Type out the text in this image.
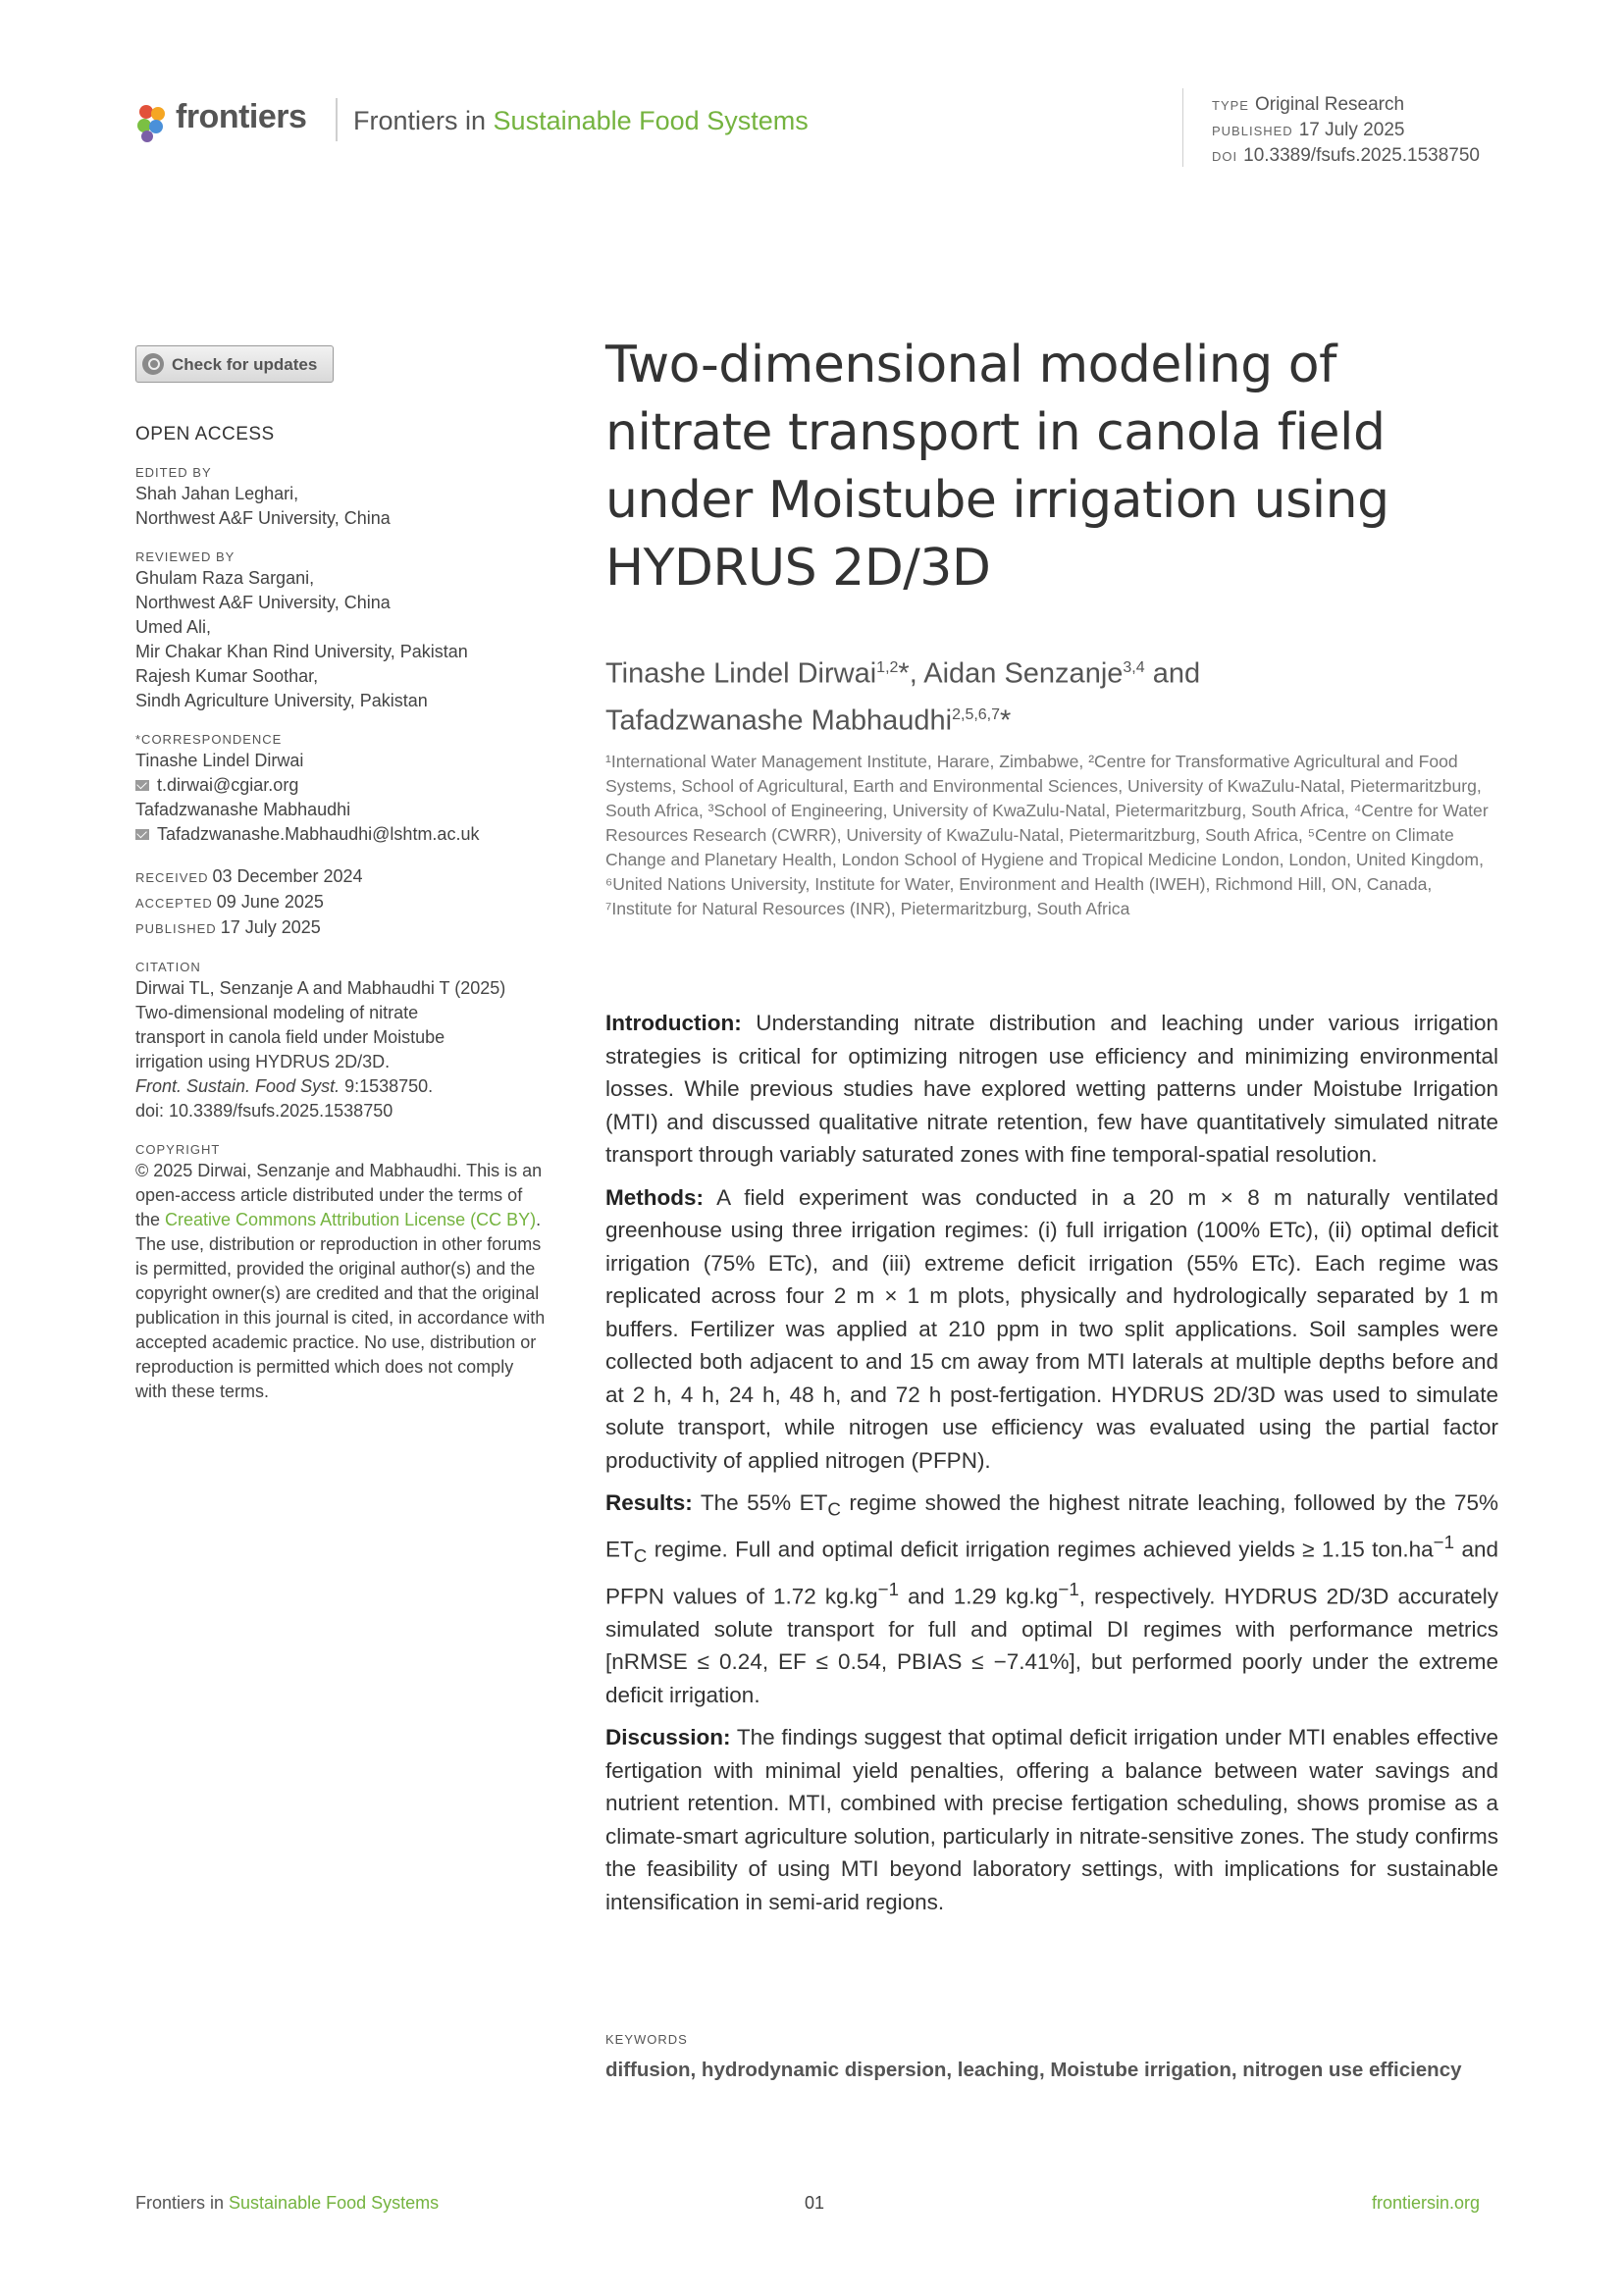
frontiers Frontiers in Sustainable Food Systems
TYPE Original Research
PUBLISHED 17 July 2025
DOI 10.3389/fsufs.2025.1538750
Check for updates
OPEN ACCESS
EDITED BY
Shah Jahan Leghari,
Northwest A&F University, China
REVIEWED BY
Ghulam Raza Sargani,
Northwest A&F University, China
Umed Ali,
Mir Chakar Khan Rind University, Pakistan
Rajesh Kumar Soothar,
Sindh Agriculture University, Pakistan
*CORRESPONDENCE
Tinashe Lindel Dirwai
t.dirwai@cgiar.org
Tafadzwanashe Mabhaudhi
Tafadzwanashe.Mabhaudhi@lshtm.ac.uk
RECEIVED 03 December 2024
ACCEPTED 09 June 2025
PUBLISHED 17 July 2025
CITATION
Dirwai TL, Senzanje A and Mabhaudhi T (2025)
Two-dimensional modeling of nitrate
transport in canola field under Moistube
irrigation using HYDRUS 2D/3D.
Front. Sustain. Food Syst. 9:1538750.
doi: 10.3389/fsufs.2025.1538750
COPYRIGHT
© 2025 Dirwai, Senzanje and Mabhaudhi. This is an open-access article distributed under the terms of the Creative Commons Attribution License (CC BY). The use, distribution or reproduction in other forums is permitted, provided the original author(s) and the copyright owner(s) are credited and that the original publication in this journal is cited, in accordance with accepted academic practice. No use, distribution or reproduction is permitted which does not comply with these terms.
Two-dimensional modeling of nitrate transport in canola field under Moistube irrigation using HYDRUS 2D/3D
Tinashe Lindel Dirwai$^{1,2}$*, Aidan Senzanje$^{3,4}$ and
Tafadzwanashe Mabhaudhi$^{2,5,6,7}$*
¹International Water Management Institute, Harare, Zimbabwe, ²Centre for Transformative Agricultural and Food Systems, School of Agricultural, Earth and Environmental Sciences, University of KwaZulu-Natal, Pietermaritzburg, South Africa, ³School of Engineering, University of KwaZulu-Natal, Pietermaritzburg, South Africa, ⁴Centre for Water Resources Research (CWRR), University of KwaZulu-Natal, Pietermaritzburg, South Africa, ⁵Centre on Climate Change and Planetary Health, London School of Hygiene and Tropical Medicine London, London, United Kingdom, ⁶United Nations University, Institute for Water, Environment and Health (IWEH), Richmond Hill, ON, Canada, ⁷Institute for Natural Resources (INR), Pietermaritzburg, South Africa

Introduction: Understanding nitrate distribution and leaching under various irrigation strategies is critical for optimizing nitrogen use efficiency and minimizing environmental losses. While previous studies have explored wetting patterns under Moistube Irrigation (MTI) and discussed qualitative nitrate retention, few have quantitatively simulated nitrate transport through variably saturated zones with fine temporal-spatial resolution.

Methods: A field experiment was conducted in a 20 m × 8 m naturally ventilated greenhouse using three irrigation regimes: (i) full irrigation (100% ETc), (ii) optimal deficit irrigation (75% ETc), and (iii) extreme deficit irrigation (55% ETc). Each regime was replicated across four 2 m × 1 m plots, physically and hydrologically separated by 1 m buffers. Fertilizer was applied at 210 ppm in two split applications. Soil samples were collected both adjacent to and 15 cm away from MTI laterals at multiple depths before and at 2 h, 4 h, 24 h, 48 h, and 72 h post-fertigation. HYDRUS 2D/3D was used to simulate solute transport, while nitrogen use efficiency was evaluated using the partial factor productivity of applied nitrogen (PFPN).

Results: The 55% $ET_C$ regime showed the highest nitrate leaching, followed by the 75% $ET_C$ regime. Full and optimal deficit irrigation regimes achieved yields ≥ 1.15 $ton.ha^{-1}$ and PFPN values of 1.72 $kg.kg^{-1}$ and 1.29 $kg.kg^{-1}$, respectively. HYDRUS 2D/3D accurately simulated solute transport for full and optimal DI regimes with performance metrics [nRMSE ≤ 0.24, EF ≤ 0.54, PBIAS ≤ −7.41%], but performed poorly under the extreme deficit irrigation.

Discussion: The findings suggest that optimal deficit irrigation under MTI enables effective fertigation with minimal yield penalties, offering a balance between water savings and nutrient retention. MTI, combined with precise fertigation scheduling, shows promise as a climate-smart agriculture solution, particularly in nitrate-sensitive zones. The study confirms the feasibility of using MTI beyond laboratory settings, with implications for sustainable intensification in semi-arid regions.

KEYWORDS
diffusion, hydrodynamic dispersion, leaching, Moistube irrigation, nitrogen use efficiency
Frontiers in Sustainable Food Systems	01	frontiersin.org
